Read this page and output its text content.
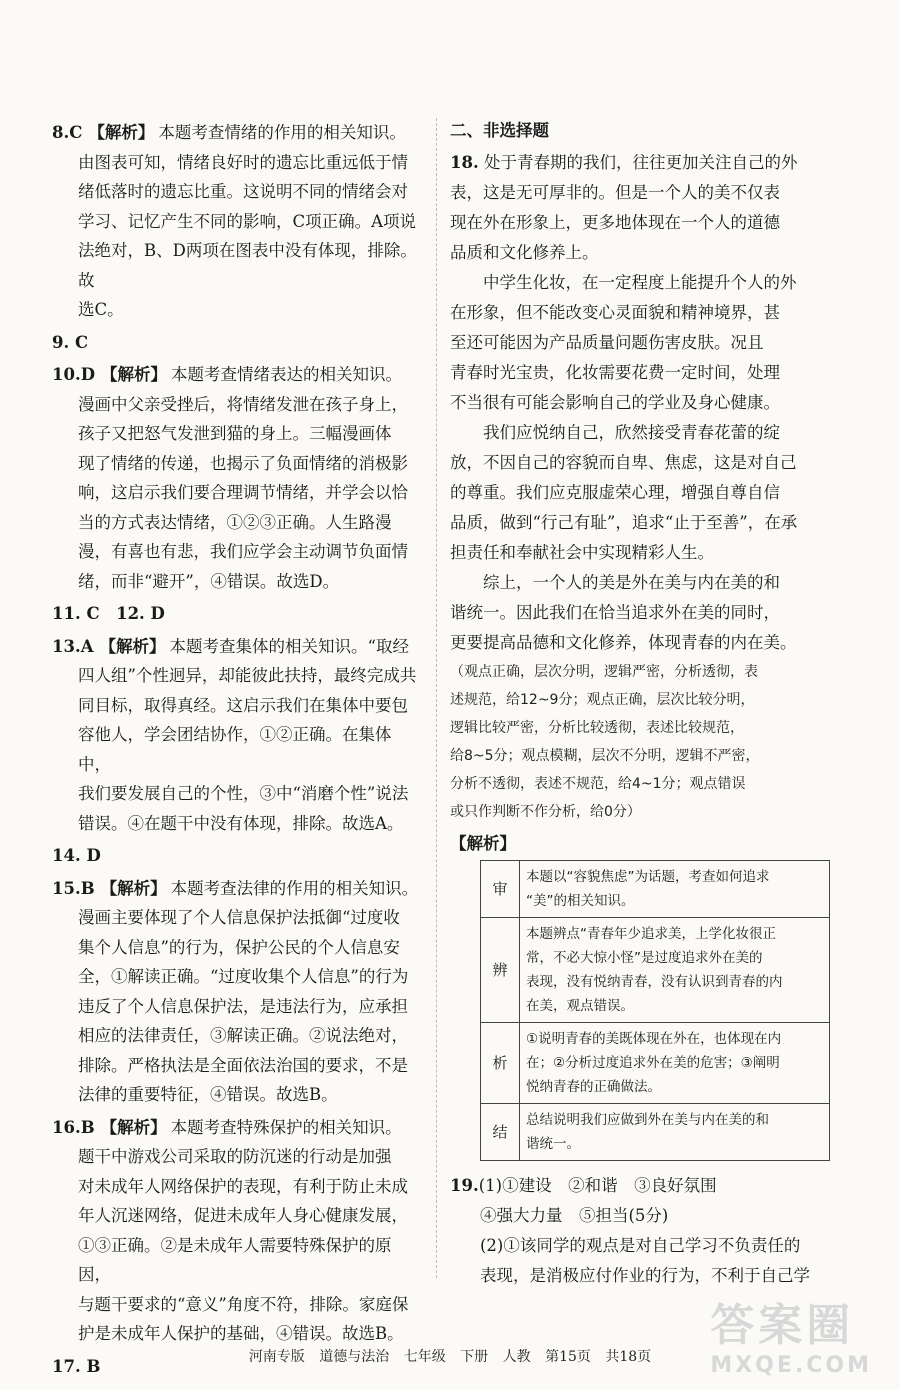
8.C 【解析】 本题考查情绪的作用的相关知识。
由图表可知，情绪良好时的遗忘比重远低于情
绪低落时的遗忘比重。这说明不同的情绪会对
学习、记忆产生不同的影响，C项正确。A项说
法绝对，B、D两项在图表中没有体现，排除。故
选C。
9. C
10.D 【解析】 本题考查情绪表达的相关知识。
漫画中父亲受挫后，将情绪发泄在孩子身上，
孩子又把怒气发泄到猫的身上。三幅漫画体
现了情绪的传递，也揭示了负面情绪的消极影
响，这启示我们要合理调节情绪，并学会以恰
当的方式表达情绪，①②③正确。人生路漫
漫，有喜也有悲，我们应学会主动调节负面情
绪，而非“避开”，④错误。故选D。
11. C　12. D
13.A 【解析】 本题考查集体的相关知识。“取经
四人组”个性迥异，却能彼此扶持，最终完成共
同目标，取得真经。这启示我们在集体中要包
容他人，学会团结协作，①②正确。在集体中，
我们要发展自己的个性，③中“消磨个性”说法
错误。④在题干中没有体现，排除。故选A。
14. D
15.B 【解析】 本题考查法律的作用的相关知识。
漫画主要体现了个人信息保护法抵御“过度收
集个人信息”的行为，保护公民的个人信息安
全，①解读正确。“过度收集个人信息”的行为
违反了个人信息保护法，是违法行为，应承担
相应的法律责任，③解读正确。②说法绝对，
排除。严格执法是全面依法治国的要求，不是
法律的重要特征，④错误。故选B。
16.B 【解析】 本题考查特殊保护的相关知识。
题干中游戏公司采取的防沉迷的行动是加强
对未成年人网络保护的表现，有利于防止未成
年人沉迷网络，促进未成年人身心健康发展，
①③正确。②是未成年人需要特殊保护的原因，
与题干要求的“意义”角度不符，排除。家庭保
护是未成年人保护的基础，④错误。故选B。
17. B
二、非选择题
18. 处于青春期的我们，往往更加关注自己的外
表，这是无可厚非的。但是一个人的美不仅表
现在外在形象上，更多地体现在一个人的道德
品质和文化修养上。
中学生化妆，在一定程度上能提升个人的外
在形象，但不能改变心灵面貌和精神境界，甚
至还可能因为产品质量问题伤害皮肤。况且
青春时光宝贵，化妆需要花费一定时间，处理
不当很有可能会影响自己的学业及身心健康。
我们应悦纳自己，欣然接受青春花蕾的绽
放，不因自己的容貌而自卑、焦虑，这是对自己
的尊重。我们应克服虚荣心理，增强自尊自信
品质，做到“行己有耻”，追求“止于至善”，在承
担责任和奉献社会中实现精彩人生。
综上，一个人的美是外在美与内在美的和
谐统一。因此我们在恰当追求外在美的同时，
更要提高品德和文化修养，体现青春的内在美。
（观点正确，层次分明，逻辑严密，分析透彻，表
述规范，给12~9分；观点正确，层次比较分明，
逻辑比较严密，分析比较透彻，表述比较规范，
给8~5分；观点模糊，层次不分明，逻辑不严密，
分析不透彻，表述不规范，给4~1分；观点错误
或只作判断不作分析，给0分）
【解析】
审	本题以“容貌焦虑”为话题，考查如何追求
“美”的相关知识。

辨	本题辨点“青春年少追求美，上学化妆很正
常，不必大惊小怪”是过度追求外在美的
表现，没有悦纳青春，没有认识到青春的内
在美，观点错误。

析	①说明青春的美既体现在外在，也体现在内
在；②分析过度追求外在美的危害；③阐明
悦纳青春的正确做法。

结	总结说明我们应做到外在美与内在美的和
谐统一。
19.(1)①建设　②和谐　③良好氛围
④强大力量　⑤担当(5分)
(2)①该同学的观点是对自己学习不负责任的
表现，是消极应付作业的行为，不利于自己学
河南专版 道德与法治 七年级 下册 人教 第15页 共18页
答案圈
MXQE.COM
